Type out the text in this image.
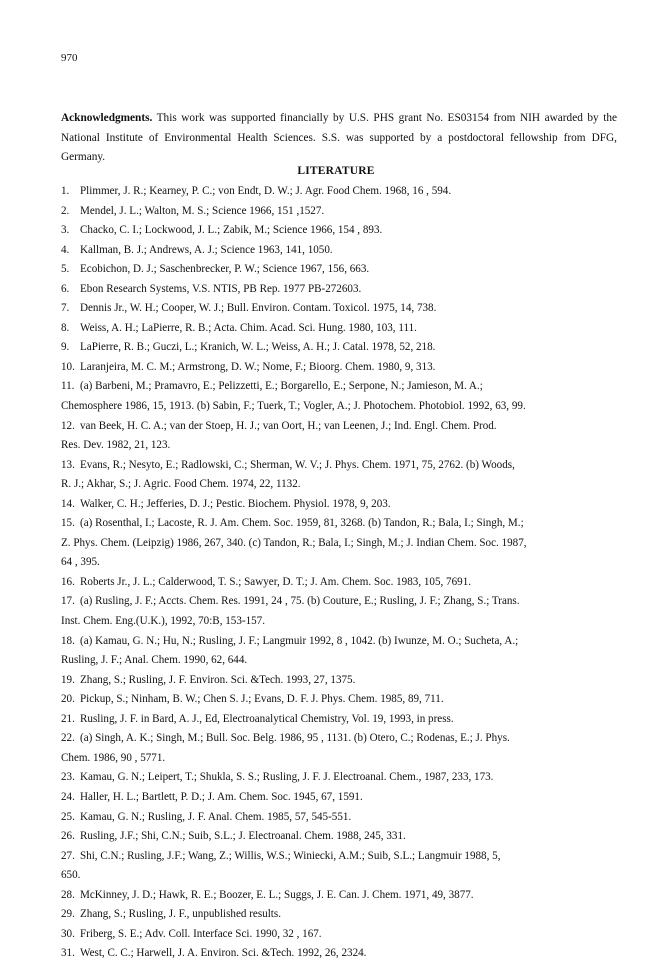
970
Acknowledgments. This work was supported financially by U.S. PHS grant No. ES03154 from NIH awarded by the National Institute of Environmental Health Sciences. S.S. was supported by a postdoctoral fellowship from DFG, Germany.
LITERATURE
1. Plimmer, J. R.; Kearney, P. C.; von Endt, D. W.; J. Agr. Food Chem. 1968, 16 , 594.
2. Mendel, J. L.; Walton, M. S.; Science 1966, 151 ,1527.
3. Chacko, C. I.; Lockwood, J. L.; Zabik, M.; Science 1966, 154 , 893.
4. Kallman, B. J.; Andrews, A. J.; Science 1963, 141, 1050.
5. Ecobichon, D. J.; Saschenbrecker, P. W.; Science 1967, 156, 663.
6. Ebon Research Systems, V.S. NTIS, PB Rep. 1977 PB-272603.
7. Dennis Jr., W. H.; Cooper, W. J.; Bull. Environ. Contam. Toxicol. 1975, 14, 738.
8. Weiss, A. H.; LaPierre, R. B.; Acta. Chim. Acad. Sci. Hung. 1980, 103, 111.
9. LaPierre, R. B.; Guczi, L.; Kranich, W. L.; Weiss, A. H.; J. Catal. 1978, 52, 218.
10. Laranjeira, M. C. M.; Armstrong, D. W.; Nome, F.; Bioorg. Chem. 1980, 9, 313.
11. (a) Barbeni, M.; Pramavro, E.; Pelizzetti, E.; Borgarello, E.; Serpone, N.; Jamieson, M. A.;
Chemosphere 1986, 15, 1913. (b) Sabin, F.; Tuerk, T.; Vogler, A.; J. Photochem. Photobiol. 1992, 63, 99.
12. van Beek, H. C. A.; van der Stoep, H. J.; van Oort, H.; van Leenen, J.; Ind. Engl. Chem. Prod.
Res. Dev. 1982, 21, 123.
13. Evans, R.; Nesyto, E.; Radlowski, C.; Sherman, W. V.; J. Phys. Chem. 1971, 75, 2762. (b) Woods,
R. J.; Akhar, S.; J. Agric. Food Chem. 1974, 22, 1132.
14. Walker, C. H.; Jefferies, D. J.; Pestic. Biochem. Physiol. 1978, 9, 203.
15. (a) Rosenthal, I.; Lacoste, R. J. Am. Chem. Soc. 1959, 81, 3268. (b) Tandon, R.; Bala, I.; Singh, M.;
Z. Phys. Chem. (Leipzig) 1986, 267, 340. (c) Tandon, R.; Bala, I.; Singh, M.; J. Indian Chem. Soc. 1987,
64 , 395.
16. Roberts Jr., J. L.; Calderwood, T. S.; Sawyer, D. T.; J. Am. Chem. Soc. 1983, 105, 7691.
17. (a) Rusling, J. F.; Accts. Chem. Res. 1991, 24 , 75. (b) Couture, E.; Rusling, J. F.; Zhang, S.; Trans.
Inst. Chem. Eng.(U.K.), 1992, 70:B, 153-157.
18. (a) Kamau, G. N.; Hu, N.; Rusling, J. F.; Langmuir 1992, 8 , 1042. (b) Iwunze, M. O.; Sucheta, A.;
Rusling, J. F.; Anal. Chem. 1990, 62, 644.
19. Zhang, S.; Rusling, J. F. Environ. Sci. &Tech. 1993, 27, 1375.
20. Pickup, S.; Ninham, B. W.; Chen S. J.; Evans, D. F. J. Phys. Chem. 1985, 89, 711.
21. Rusling, J. F. in Bard, A. J., Ed, Electroanalytical Chemistry, Vol. 19, 1993, in press.
22. (a) Singh, A. K.; Singh, M.; Bull. Soc. Belg. 1986, 95 , 1131. (b) Otero, C.; Rodenas, E.; J. Phys.
Chem. 1986, 90 , 5771.
23. Kamau, G. N.; Leipert, T.; Shukla, S. S.; Rusling, J. F. J. Electroanal. Chem., 1987, 233, 173.
24. Haller, H. L.; Bartlett, P. D.; J. Am. Chem. Soc. 1945, 67, 1591.
25. Kamau, G. N.; Rusling, J. F. Anal. Chem. 1985, 57, 545-551.
26. Rusling, J.F.; Shi, C.N.; Suib, S.L.; J. Electroanal. Chem. 1988, 245, 331.
27. Shi, C.N.; Rusling, J.F.; Wang, Z.; Willis, W.S.; Winiecki, A.M.; Suib, S.L.; Langmuir 1988, 5,
650.
28. McKinney, J. D.; Hawk, R. E.; Boozer, E. L.; Suggs, J. E. Can. J. Chem. 1971, 49, 3877.
29. Zhang, S.; Rusling, J. F., unpublished results.
30. Friberg, S. E.; Adv. Coll. Interface Sci. 1990, 32 , 167.
31. West, C. C.; Harwell, J. A. Environ. Sci. &Tech. 1992, 26, 2324.
